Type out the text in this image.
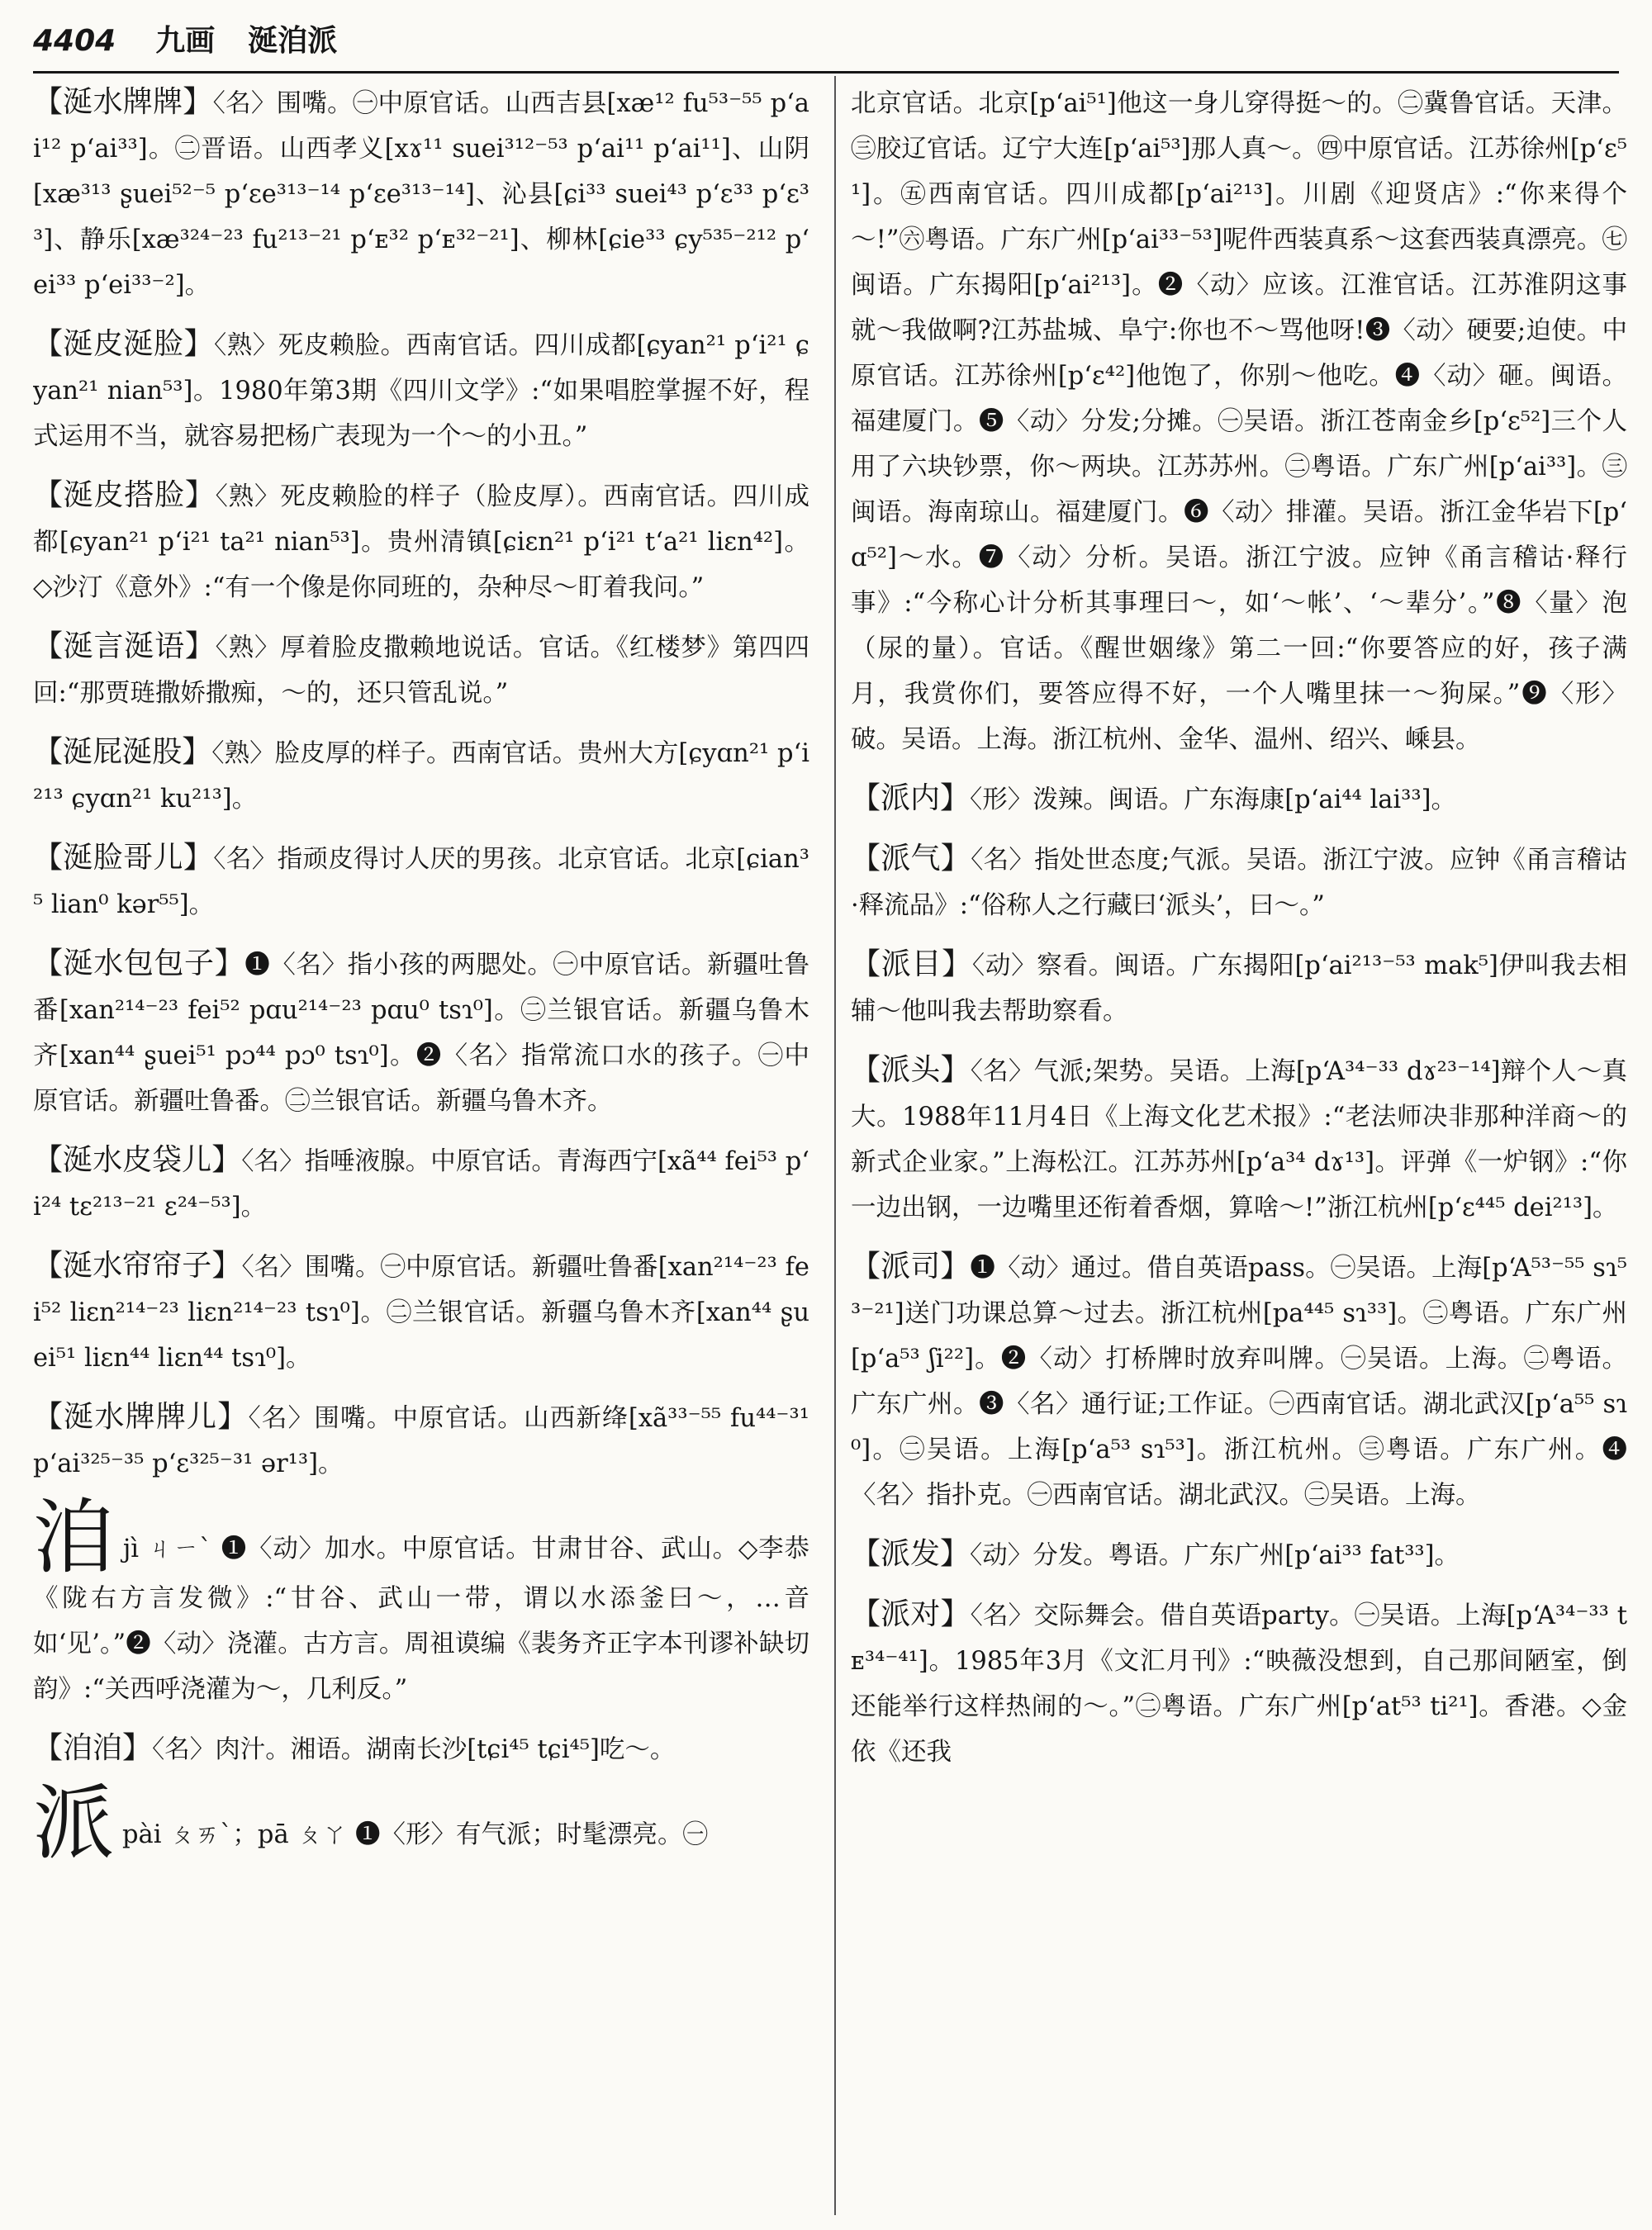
4404 九画 涎洎派

【涎水牌牌】〈名〉围嘴。㊀中原官话。山西吉县[xæ¹² fu⁵³⁻⁵⁵ pʻai¹² pʻai³³]。㊁晋语。山西孝义[xɤ¹¹ suei³¹²⁻⁵³ pʻai¹¹ pʻai¹¹]、山阴[xæ³¹³ ʂuei⁵²⁻⁵ pʻɛe³¹³⁻¹⁴ pʻɛe³¹³⁻¹⁴]、沁县[ɕi³³ suei⁴³ pʻɛ³³ pʻɛ³³]、静乐[xæ³²⁴⁻²³ fu²¹³⁻²¹ pʻᴇ³² pʻᴇ³²⁻²¹]、柳林[ɕie³³ ɕy⁵³⁵⁻²¹² pʻei³³ pʻei³³⁻²]。

【涎皮涎脸】〈熟〉死皮赖脸。西南官话。四川成都[ɕyan²¹ pʻi²¹ ɕyan²¹ nian⁵³]。1980年第3期《四川文学》:“如果唱腔掌握不好，程式运用不当，就容易把杨广表现为一个～的小丑。”

【涎皮搭脸】〈熟〉死皮赖脸的样子（脸皮厚）。西南官话。四川成都[ɕyan²¹ pʻi²¹ ta²¹ nian⁵³]。贵州清镇[ɕiɛn²¹ pʻi²¹ tʻa²¹ liɛn⁴²]。◇沙汀《意外》:“有一个像是你同班的，杂种尽～盯着我问。”

【涎言涎语】〈熟〉厚着脸皮撒赖地说话。官话。《红楼梦》第四四回:“那贾琏撒娇撒痴，～的，还只管乱说。”

【涎屁涎股】〈熟〉脸皮厚的样子。西南官话。贵州大方[ɕyɑn²¹ pʻi²¹³ ɕyɑn²¹ ku²¹³]。

【涎脸哥儿】〈名〉指顽皮得讨人厌的男孩。北京官话。北京[ɕian³⁵ lian⁰ kər⁵⁵]。

【涎水包包子】❶〈名〉指小孩的两腮处。㊀中原官话。新疆吐鲁番[xan²¹⁴⁻²³ fei⁵² pɑu²¹⁴⁻²³ pɑu⁰ tsɿ⁰]。㊁兰银官话。新疆乌鲁木齐[xan⁴⁴ ʂuei⁵¹ pɔ⁴⁴ pɔ⁰ tsɿ⁰]。❷〈名〉指常流口水的孩子。㊀中原官话。新疆吐鲁番。㊁兰银官话。新疆乌鲁木齐。

【涎水皮袋儿】〈名〉指唾液腺。中原官话。青海西宁[xã⁴⁴ fei⁵³ pʻi²⁴ tɛ²¹³⁻²¹ ɛ²⁴⁻⁵³]。

【涎水帘帘子】〈名〉围嘴。㊀中原官话。新疆吐鲁番[xan²¹⁴⁻²³ fei⁵² liɛn²¹⁴⁻²³ liɛn²¹⁴⁻²³ tsɿ⁰]。㊁兰银官话。新疆乌鲁木齐[xan⁴⁴ ʂuei⁵¹ liɛn⁴⁴ liɛn⁴⁴ tsɿ⁰]。

【涎水牌牌儿】〈名〉围嘴。中原官话。山西新绛[xã³³⁻⁵⁵ fu⁴⁴⁻³¹ pʻai³²⁵⁻³⁵ pʻɛ³²⁵⁻³¹ ər¹³]。

洎jì ㄐㄧˋ ❶〈动〉加水。中原官话。甘肃甘谷、武山。◇李恭《陇右方言发微》:“甘谷、武山一带，谓以水添釜曰～，…音如‘见’。”❷〈动〉浇灌。古方言。周祖谟编《裴务齐正字本刊谬补缺切韵》:“关西呼浇灌为～，几利反。”

【洎洎】〈名〉肉汁。湘语。湖南长沙[tɕi⁴⁵ tɕi⁴⁵]吃～。

派pài ㄆㄞˋ；pā ㄆㄚ ❶〈形〉有气派；时髦漂亮。㊀

北京官话。北京[pʻai⁵¹]他这一身儿穿得挺～的。㊁冀鲁官话。天津。㊂胶辽官话。辽宁大连[pʻai⁵³]那人真～。㊃中原官话。江苏徐州[pʻɛ⁵¹]。㊄西南官话。四川成都[pʻai²¹³]。川剧《迎贤店》:“你来得个～!”㊅粤语。广东广州[pʻai³³⁻⁵³]呢件西装真系～这套西装真漂亮。㊆闽语。广东揭阳[pʻai²¹³]。❷〈动〉应该。江淮官话。江苏淮阴这事就～我做啊?江苏盐城、阜宁:你也不～骂他呀!❸〈动〉硬要;迫使。中原官话。江苏徐州[pʻɛ⁴²]他饱了，你别～他吃。❹〈动〉砸。闽语。福建厦门。❺〈动〉分发;分摊。㊀吴语。浙江苍南金乡[pʻɛ⁵²]三个人用了六块钞票，你～两块。江苏苏州。㊁粤语。广东广州[pʻai³³]。㊂闽语。海南琼山。福建厦门。❻〈动〉排灌。吴语。浙江金华岩下[pʻɑ⁵²]～水。❼〈动〉分析。吴语。浙江宁波。应钟《甬言稽诂·释行事》:“今称心计分析其事理曰～，如‘～帐’、‘～辈分’。”❽〈量〉泡（尿的量）。官话。《醒世姻缘》第二一回:“你要答应的好，孩子满月，我赏你们，要答应得不好，一个人嘴里抹一～狗屎。”❾〈形〉破。吴语。上海。浙江杭州、金华、温州、绍兴、嵊县。

【派内】〈形〉泼辣。闽语。广东海康[pʻai⁴⁴ lai³³]。

【派气】〈名〉指处世态度;气派。吴语。浙江宁波。应钟《甬言稽诂·释流品》:“俗称人之行藏曰‘派头’，曰～。”

【派目】〈动〉察看。闽语。广东揭阳[pʻai²¹³⁻⁵³ mak⁵]伊叫我去相辅～他叫我去帮助察看。

【派头】〈名〉气派;架势。吴语。上海[pʻA³⁴⁻³³ dɤ²³⁻¹⁴]辩个人～真大。1988年11月4日《上海文化艺术报》:“老法师决非那种洋商～的新式企业家。”上海松江。江苏苏州[pʻa³⁴ dɤ¹³]。评弹《一炉钢》:“你一边出钢，一边嘴里还衔着香烟，算啥～!”浙江杭州[pʻɛ⁴⁴⁵ dei²¹³]。

【派司】❶〈动〉通过。借自英语pass。㊀吴语。上海[pʻA⁵³⁻⁵⁵ sɿ⁵³⁻²¹]送门功课总算～过去。浙江杭州[pa⁴⁴⁵ sɿ³³]。㊁粤语。广东广州[pʻa⁵³ ʃi²²]。❷〈动〉打桥牌时放弃叫牌。㊀吴语。上海。㊁粤语。广东广州。❸〈名〉通行证;工作证。㊀西南官话。湖北武汉[pʻa⁵⁵ sɿ⁰]。㊁吴语。上海[pʻa⁵³ sɿ⁵³]。浙江杭州。㊂粤语。广东广州。❹〈名〉指扑克。㊀西南官话。湖北武汉。㊁吴语。上海。

【派发】〈动〉分发。粤语。广东广州[pʻai³³ fat³³]。

【派对】〈名〉交际舞会。借自英语party。㊀吴语。上海[pʻA³⁴⁻³³ tᴇ³⁴⁻⁴¹]。1985年3月《文汇月刊》:“映薇没想到，自己那间陋室，倒还能举行这样热闹的～。”㊁粤语。广东广州[pʻat⁵³ ti²¹]。香港。◇金依《还我
